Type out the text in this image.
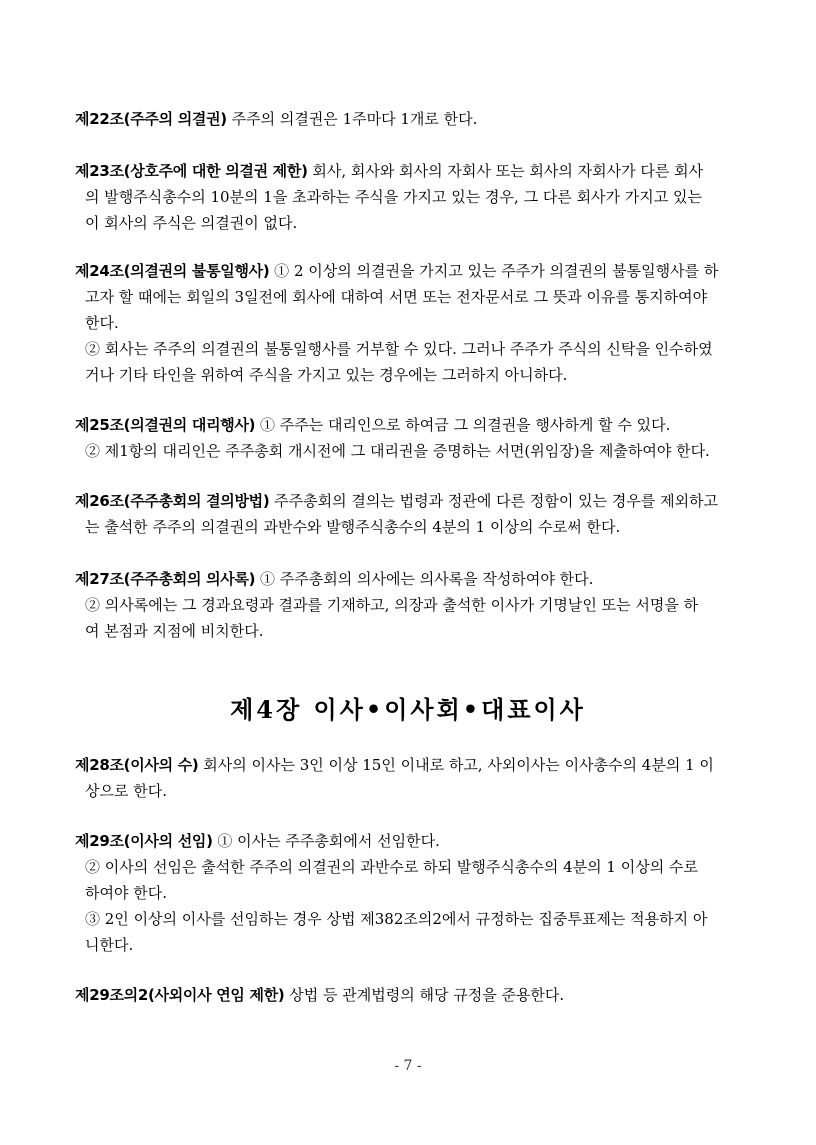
제22조(주주의 의결권) 주주의 의결권은 1주마다 1개로 한다.
제23조(상호주에 대한 의결권 제한) 회사, 회사와 회사의 자회사 또는 회사의 자회사가 다른 회사
의 발행주식총수의 10분의 1을 초과하는 주식을 가지고 있는 경우, 그 다른 회사가 가지고 있는
이 회사의 주식은 의결권이 없다.
제24조(의결권의 불통일행사) ① 2 이상의 의결권을 가지고 있는 주주가 의결권의 불통일행사를 하
고자 할 때에는 회일의 3일전에 회사에 대하여 서면 또는 전자문서로 그 뜻과 이유를 통지하여야
한다.
② 회사는 주주의 의결권의 불통일행사를 거부할 수 있다. 그러나 주주가 주식의 신탁을 인수하였
거나 기타 타인을 위하여 주식을 가지고 있는 경우에는 그러하지 아니하다.
제25조(의결권의 대리행사) ① 주주는 대리인으로 하여금 그 의결권을 행사하게 할 수 있다.
② 제1항의 대리인은 주주총회 개시전에 그 대리권을 증명하는 서면(위임장)을 제출하여야 한다.
제26조(주주총회의 결의방법) 주주총회의 결의는 법령과 정관에 다른 정함이 있는 경우를 제외하고
는 출석한 주주의 의결권의 과반수와 발행주식총수의 4분의 1 이상의 수로써 한다.
제27조(주주총회의 의사록) ① 주주총회의 의사에는 의사록을 작성하여야 한다.
② 의사록에는 그 경과요령과 결과를 기재하고, 의장과 출석한 이사가 기명날인 또는 서명을 하
여 본점과 지점에 비치한다.
제4장 이사•이사회•대표이사
제28조(이사의 수) 회사의 이사는 3인 이상 15인 이내로 하고, 사외이사는 이사총수의 4분의 1 이
상으로 한다.
제29조(이사의 선임) ① 이사는 주주총회에서 선임한다.
② 이사의 선임은 출석한 주주의 의결권의 과반수로 하되 발행주식총수의 4분의 1 이상의 수로
하여야 한다.
③ 2인 이상의 이사를 선임하는 경우 상법 제382조의2에서 규정하는 집중투표제는 적용하지 아
니한다.
제29조의2(사외이사 연임 제한) 상법 등 관계법령의 해당 규정을 준용한다.
- 7 -
